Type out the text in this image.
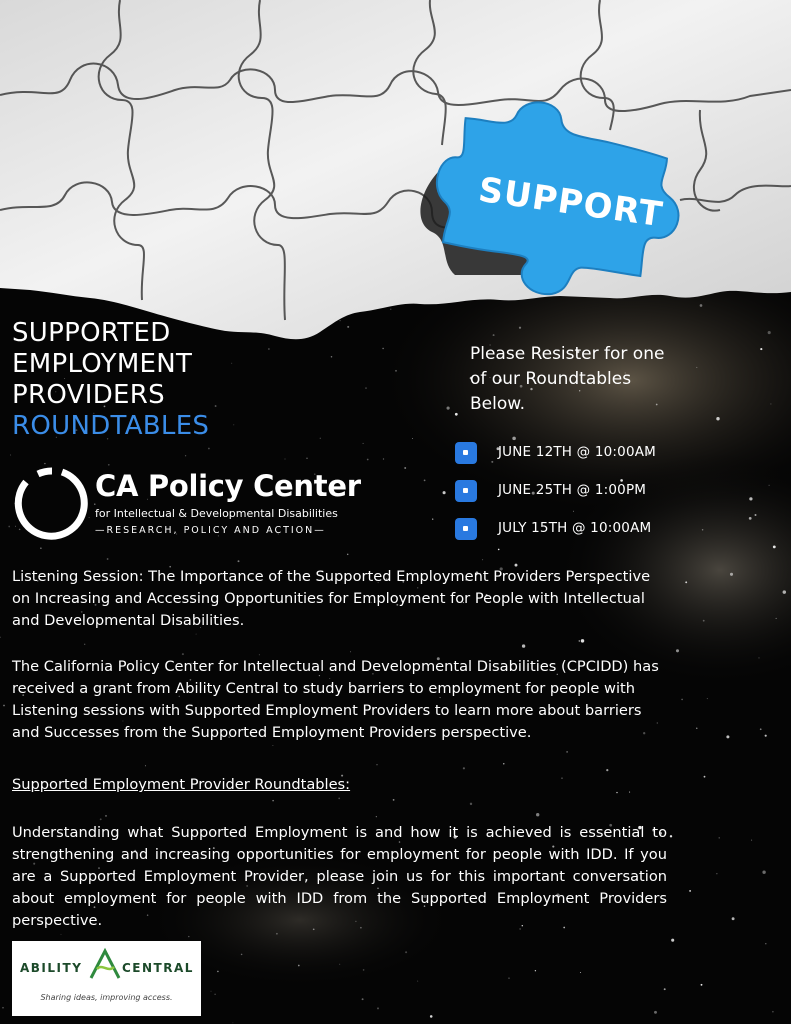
SUPPORT
SUPPORTED
EMPLOYMENT
PROVIDERS
ROUNDTABLES
CA Policy Center
for Intellectual & Developmental Disabilities
—RESEARCH, POLICY AND ACTION—

Please Resister for one of our Roundtables Below.

JUNE 12TH @ 10:00AM
JUNE 25TH @ 1:00PM
JULY 15TH @ 10:00AM

Listening Session: The Importance of the Supported Employment Providers Perspective on Increasing and Accessing Opportunities for Employment for People with Intellectual and Developmental Disabilities.

The California Policy Center for Intellectual and Developmental Disabilities (CPCIDD) has received a grant from Ability Central to study barriers to employment for people with Listening sessions with Supported Employment Providers to learn more about barriers and Successes from the Supported Employment Providers perspective.

Supported Employment Provider Roundtables:

Understanding what Supported Employment is and how it is achieved is essential to strengthening and increasing opportunities for employment for people with IDD. If you are a Supported Employment Provider, please join us for this important conversation about employment for people with IDD from the Supported Employment Providers perspective.

ABILITY	CENTRAL
Sharing ideas, improving access.
